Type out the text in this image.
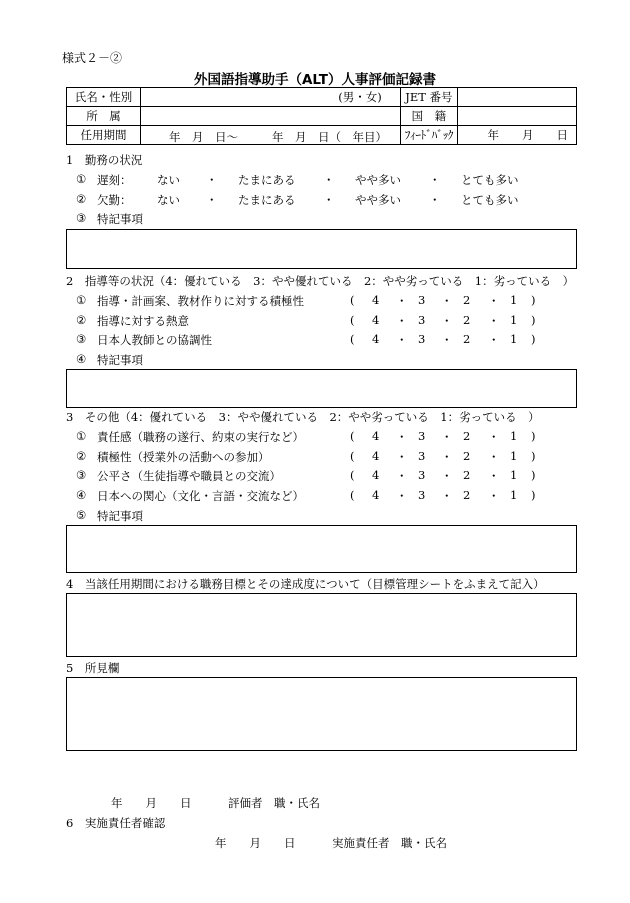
様式２－②
外国語指導助手（ALT）人事評価記録書
氏名・性別	(男・女)	JET 番号	
所　属		国　籍	
任用期間	年　月　日～ 年　月　日（　年目）	ﾌｨｰﾄﾞﾊﾞｯｸ	年　　月　　日
1　勤務の状況
① 遅刻： ない ・ たまにある ・ やや多い ・ とても多い
② 欠勤： ない ・ たまにある ・ やや多い ・ とても多い
③ 特記事項
2　指導等の状況（4：優れている　3：やや優れている　2：やや劣っている　1：劣っている　）
① 指導・計画案、教材作りに対する積極性	( 4 ・ 3 ・ 2 ・ 1 )
② 指導に対する熱意	( 4 ・ 3 ・ 2 ・ 1 )
③ 日本人教師との協調性	( 4 ・ 3 ・ 2 ・ 1 )
④ 特記事項
3　その他（4：優れている　3：やや優れている　2：やや劣っている　1：劣っている　）
① 責任感（職務の遂行、約束の実行など）	( 4 ・ 3 ・ 2 ・ 1 )
② 積極性（授業外の活動への参加）	( 4 ・ 3 ・ 2 ・ 1 )
③ 公平さ（生徒指導や職員との交流）	( 4 ・ 3 ・ 2 ・ 1 )
④ 日本への関心（文化・言語・交流など）	( 4 ・ 3 ・ 2 ・ 1 )
⑤ 特記事項
4　当該任用期間における職務目標とその達成度について（目標管理シートをふまえて記入）
5　所見欄
年　　月　　日	評価者　職・氏名
6　実施責任者確認
年　　月　　日	実施責任者　職・氏名
